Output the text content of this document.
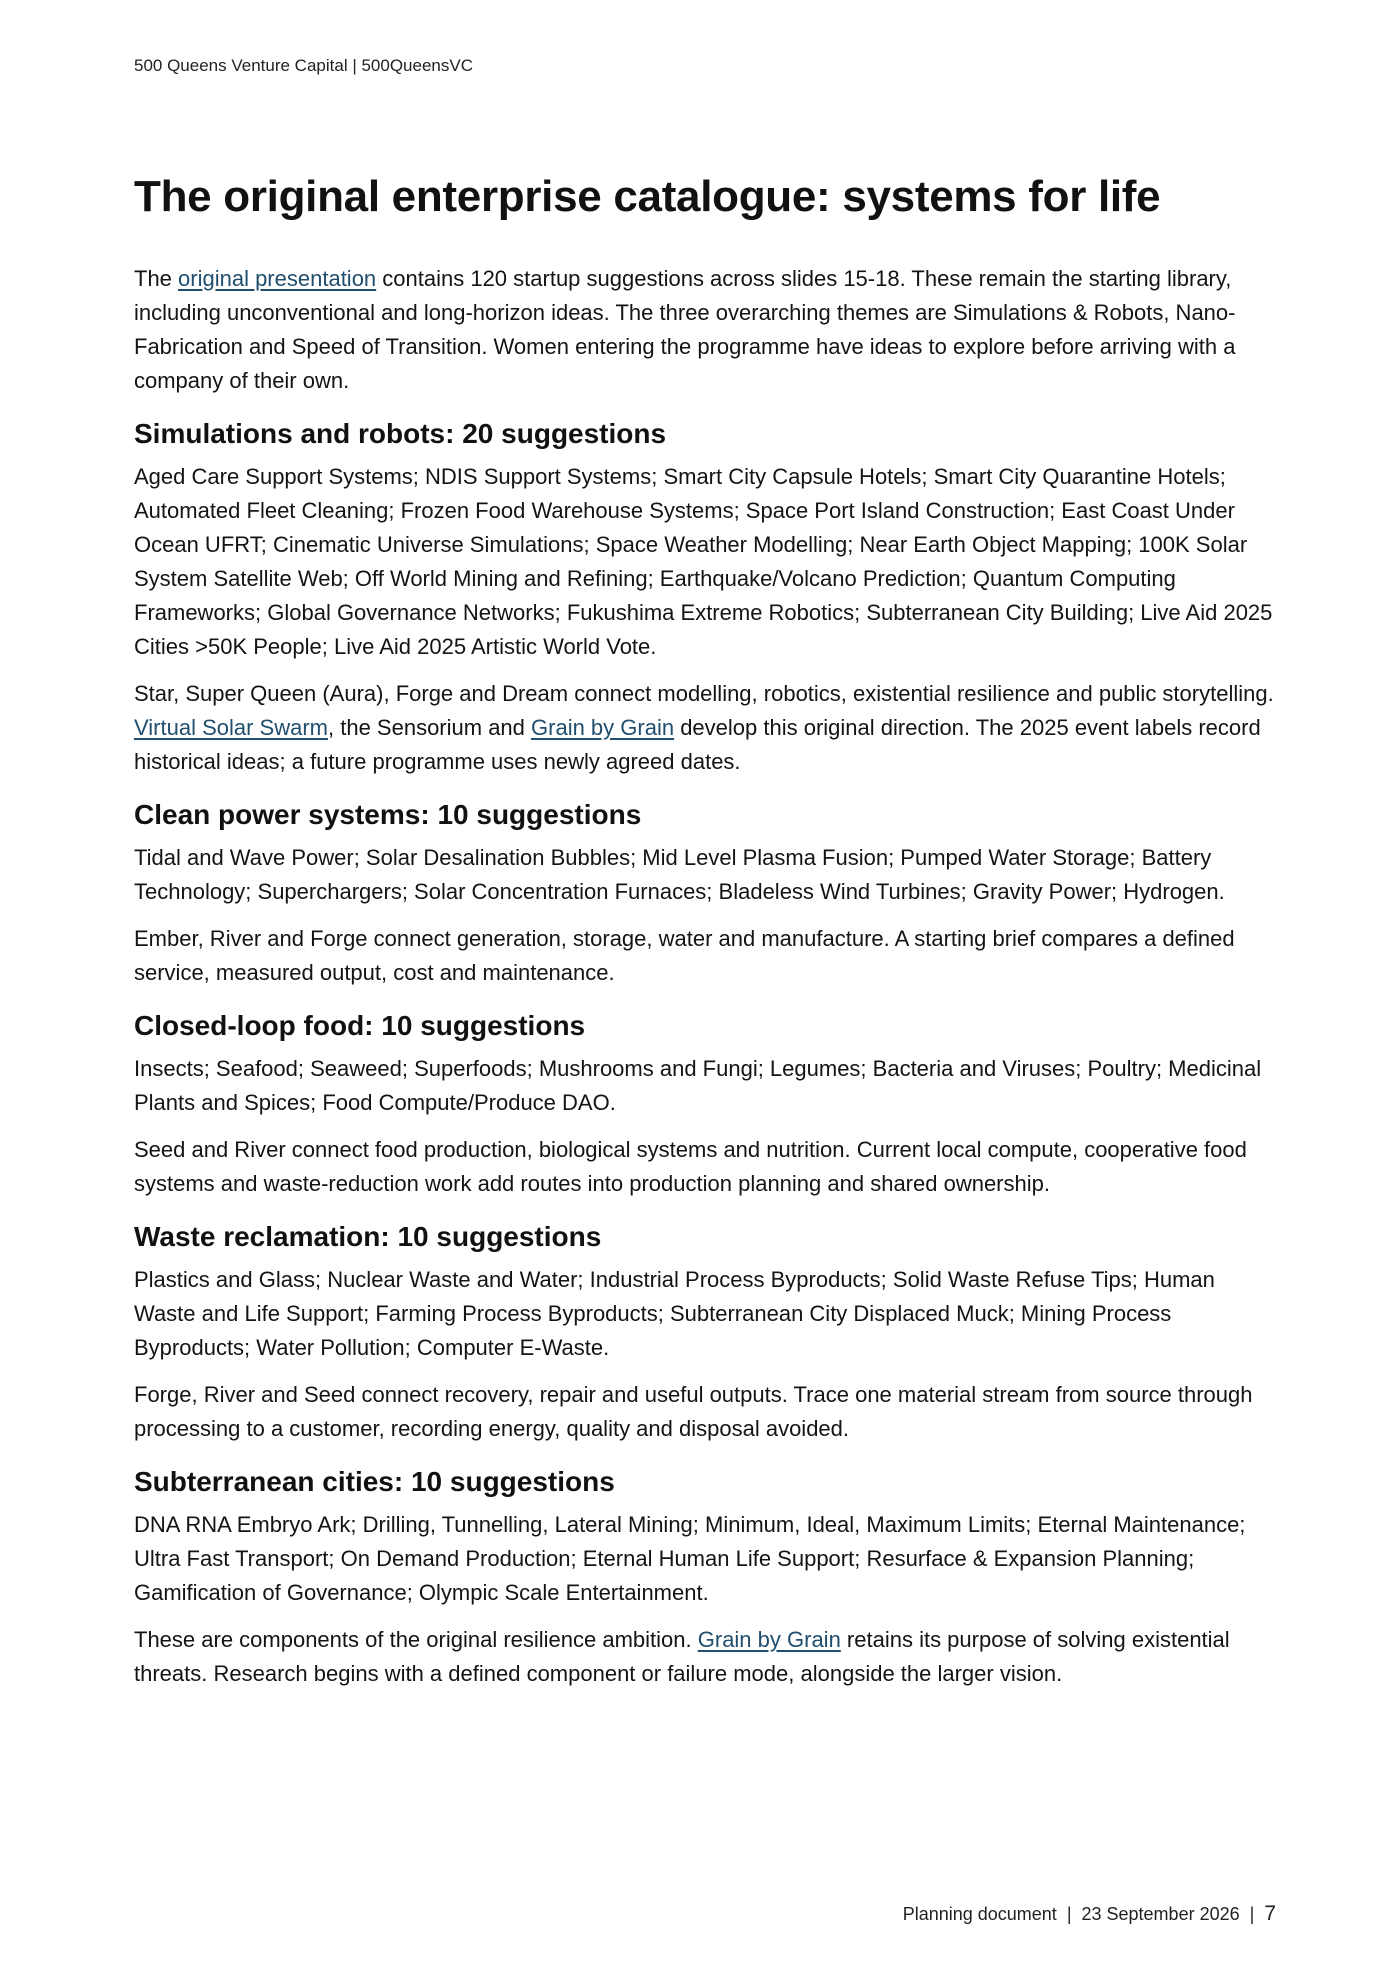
500 Queens Venture Capital | 500QueensVC
The original enterprise catalogue: systems for life

The original presentation contains 120 startup suggestions across slides 15-18. These remain the starting library, including unconventional and long-horizon ideas. The three overarching themes are Simulations & Robots, Nano-Fabrication and Speed of Transition. Women entering the programme have ideas to explore before arriving with a company of their own.

Simulations and robots: 20 suggestions

Aged Care Support Systems; NDIS Support Systems; Smart City Capsule Hotels; Smart City Quarantine Hotels; Automated Fleet Cleaning; Frozen Food Warehouse Systems; Space Port Island Construction; East Coast Under Ocean UFRT; Cinematic Universe Simulations; Space Weather Modelling; Near Earth Object Mapping; 100K Solar System Satellite Web; Off World Mining and Refining; Earthquake/Volcano Prediction; Quantum Computing Frameworks; Global Governance Networks; Fukushima Extreme Robotics; Subterranean City Building; Live Aid 2025 Cities >50K People; Live Aid 2025 Artistic World Vote.

Star, Super Queen (Aura), Forge and Dream connect modelling, robotics, existential resilience and public storytelling. Virtual Solar Swarm, the Sensorium and Grain by Grain develop this original direction. The 2025 event labels record historical ideas; a future programme uses newly agreed dates.

Clean power systems: 10 suggestions

Tidal and Wave Power; Solar Desalination Bubbles; Mid Level Plasma Fusion; Pumped Water Storage; Battery Technology; Superchargers; Solar Concentration Furnaces; Bladeless Wind Turbines; Gravity Power; Hydrogen.

Ember, River and Forge connect generation, storage, water and manufacture. A starting brief compares a defined service, measured output, cost and maintenance.

Closed-loop food: 10 suggestions

Insects; Seafood; Seaweed; Superfoods; Mushrooms and Fungi; Legumes; Bacteria and Viruses; Poultry; Medicinal Plants and Spices; Food Compute/Produce DAO.

Seed and River connect food production, biological systems and nutrition. Current local compute, cooperative food systems and waste-reduction work add routes into production planning and shared ownership.

Waste reclamation: 10 suggestions

Plastics and Glass; Nuclear Waste and Water; Industrial Process Byproducts; Solid Waste Refuse Tips; Human Waste and Life Support; Farming Process Byproducts; Subterranean City Displaced Muck; Mining Process Byproducts; Water Pollution; Computer E-Waste.

Forge, River and Seed connect recovery, repair and useful outputs. Trace one material stream from source through processing to a customer, recording energy, quality and disposal avoided.

Subterranean cities: 10 suggestions

DNA RNA Embryo Ark; Drilling, Tunnelling, Lateral Mining; Minimum, Ideal, Maximum Limits; Eternal Maintenance; Ultra Fast Transport; On Demand Production; Eternal Human Life Support; Resurface & Expansion Planning; Gamification of Governance; Olympic Scale Entertainment.

These are components of the original resilience ambition. Grain by Grain retains its purpose of solving existential threats. Research begins with a defined component or failure mode, alongside the larger vision.

Planning document  |  23 September 2026  |  7
